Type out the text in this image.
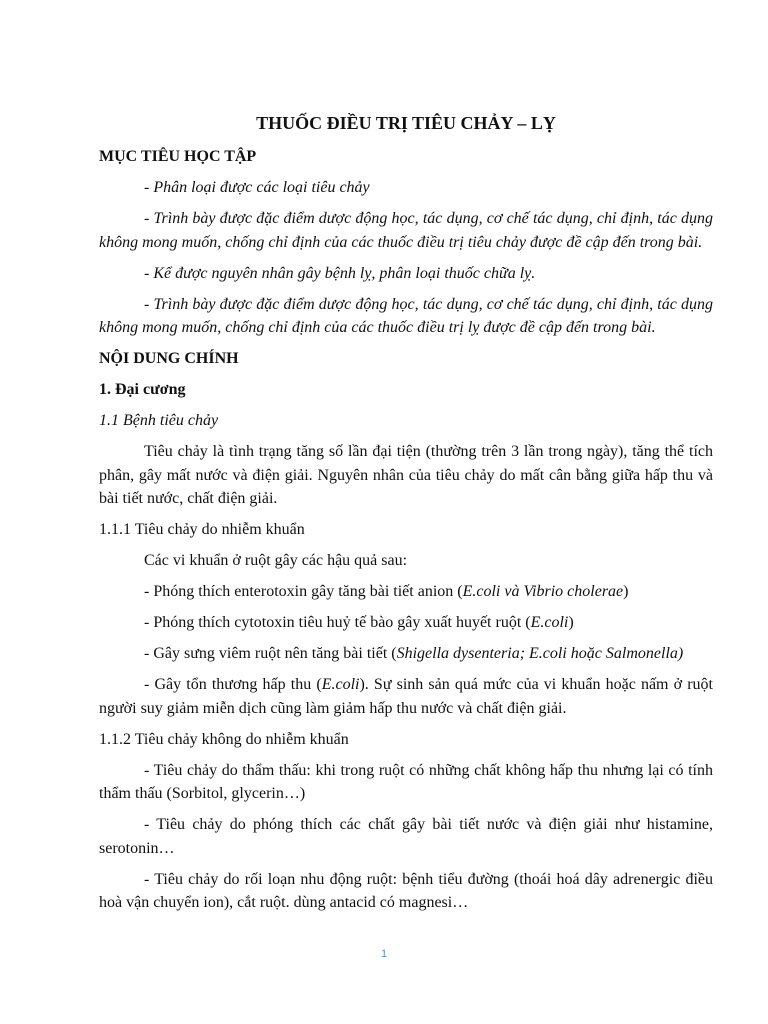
THUỐC ĐIỀU TRỊ TIÊU CHẢY – LỴ
MỤC TIÊU HỌC TẬP
- Phân loại được các loại tiêu chảy
- Trình bày được đặc điểm dược động học, tác dụng, cơ chế tác dụng, chỉ định, tác dụng không mong muốn, chống chỉ định của các thuốc điều trị tiêu chảy được đề cập đến trong bài.
- Kể được nguyên nhân gây bệnh lỵ, phân loại thuốc chữa lỵ.
- Trình bày được đặc điểm dược động học, tác dụng, cơ chế tác dụng, chỉ định, tác dụng không mong muốn, chống chỉ định của các thuốc điều trị lỵ được đề cập đến trong bài.
NỘI DUNG CHÍNH
1. Đại cương
1.1 Bệnh tiêu chảy
Tiêu chảy là tình trạng tăng số lần đại tiện (thường trên 3 lần trong ngày), tăng thể tích phân, gây mất nước và điện giải. Nguyên nhân của tiêu chảy do mất cân bằng giữa hấp thu và bài tiết nước, chất điện giải.
1.1.1 Tiêu chảy do nhiễm khuẩn
Các vi khuẩn ở ruột gây các hậu quả sau:
- Phóng thích enterotoxin gây tăng bài tiết anion (E.coli và Vibrio cholerae)
- Phóng thích cytotoxin tiêu huỷ tế bào gây xuất huyết ruột (E.coli)
- Gây sưng viêm ruột nên tăng bài tiết (Shigella dysenteria; E.coli hoặc Salmonella)
- Gây tổn thương hấp thu (E.coli). Sự sinh sản quá mức của vi khuẩn hoặc nấm ở ruột người suy giảm miễn dịch cũng làm giảm hấp thu nước và chất điện giải.
1.1.2 Tiêu chảy không do nhiễm khuẩn
- Tiêu chảy do thẩm thấu: khi trong ruột có những chất không hấp thu nhưng lại có tính thẩm thấu (Sorbitol, glycerin…)
- Tiêu chảy do phóng thích các chất gây bài tiết nước và điện giải như histamine, serotonin…
- Tiêu chảy do rối loạn nhu động ruột: bệnh tiểu đường (thoái hoá dây adrenergic điều hoà vận chuyển ion), cắt ruột. dùng antacid có magnesi…
1
